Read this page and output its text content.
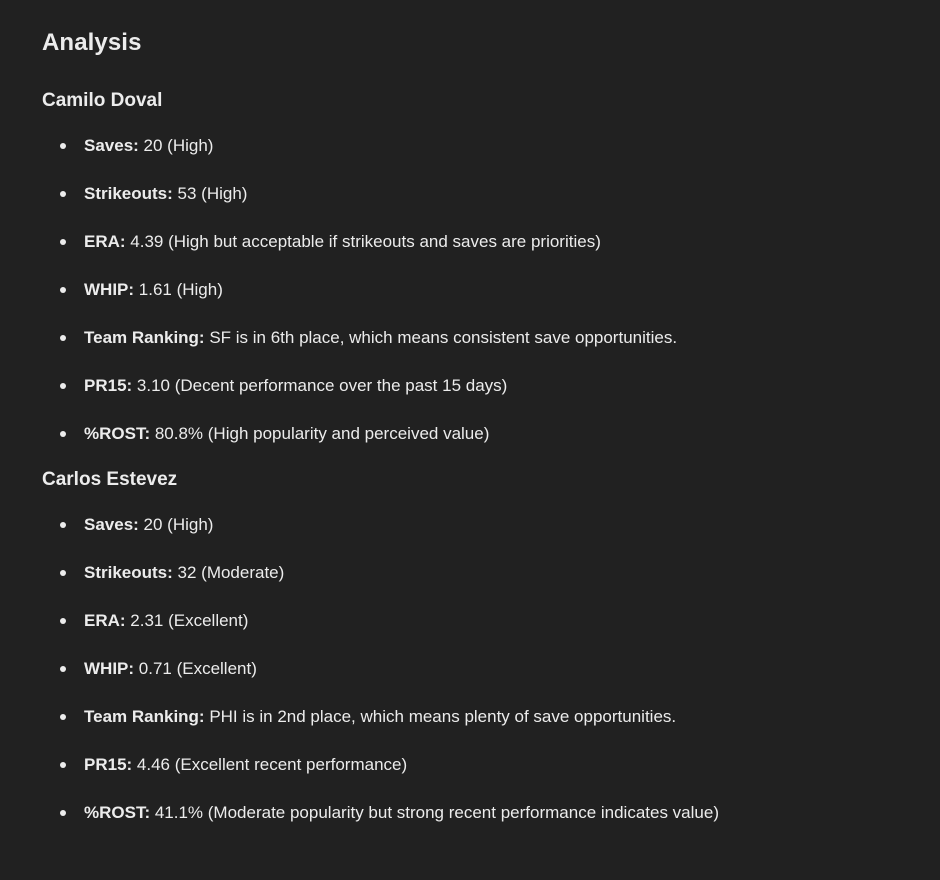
Analysis
Camilo Doval
Saves: 20 (High)
Strikeouts: 53 (High)
ERA: 4.39 (High but acceptable if strikeouts and saves are priorities)
WHIP: 1.61 (High)
Team Ranking: SF is in 6th place, which means consistent save opportunities.
PR15: 3.10 (Decent performance over the past 15 days)
%ROST: 80.8% (High popularity and perceived value)
Carlos Estevez
Saves: 20 (High)
Strikeouts: 32 (Moderate)
ERA: 2.31 (Excellent)
WHIP: 0.71 (Excellent)
Team Ranking: PHI is in 2nd place, which means plenty of save opportunities.
PR15: 4.46 (Excellent recent performance)
%ROST: 41.1% (Moderate popularity but strong recent performance indicates value)
